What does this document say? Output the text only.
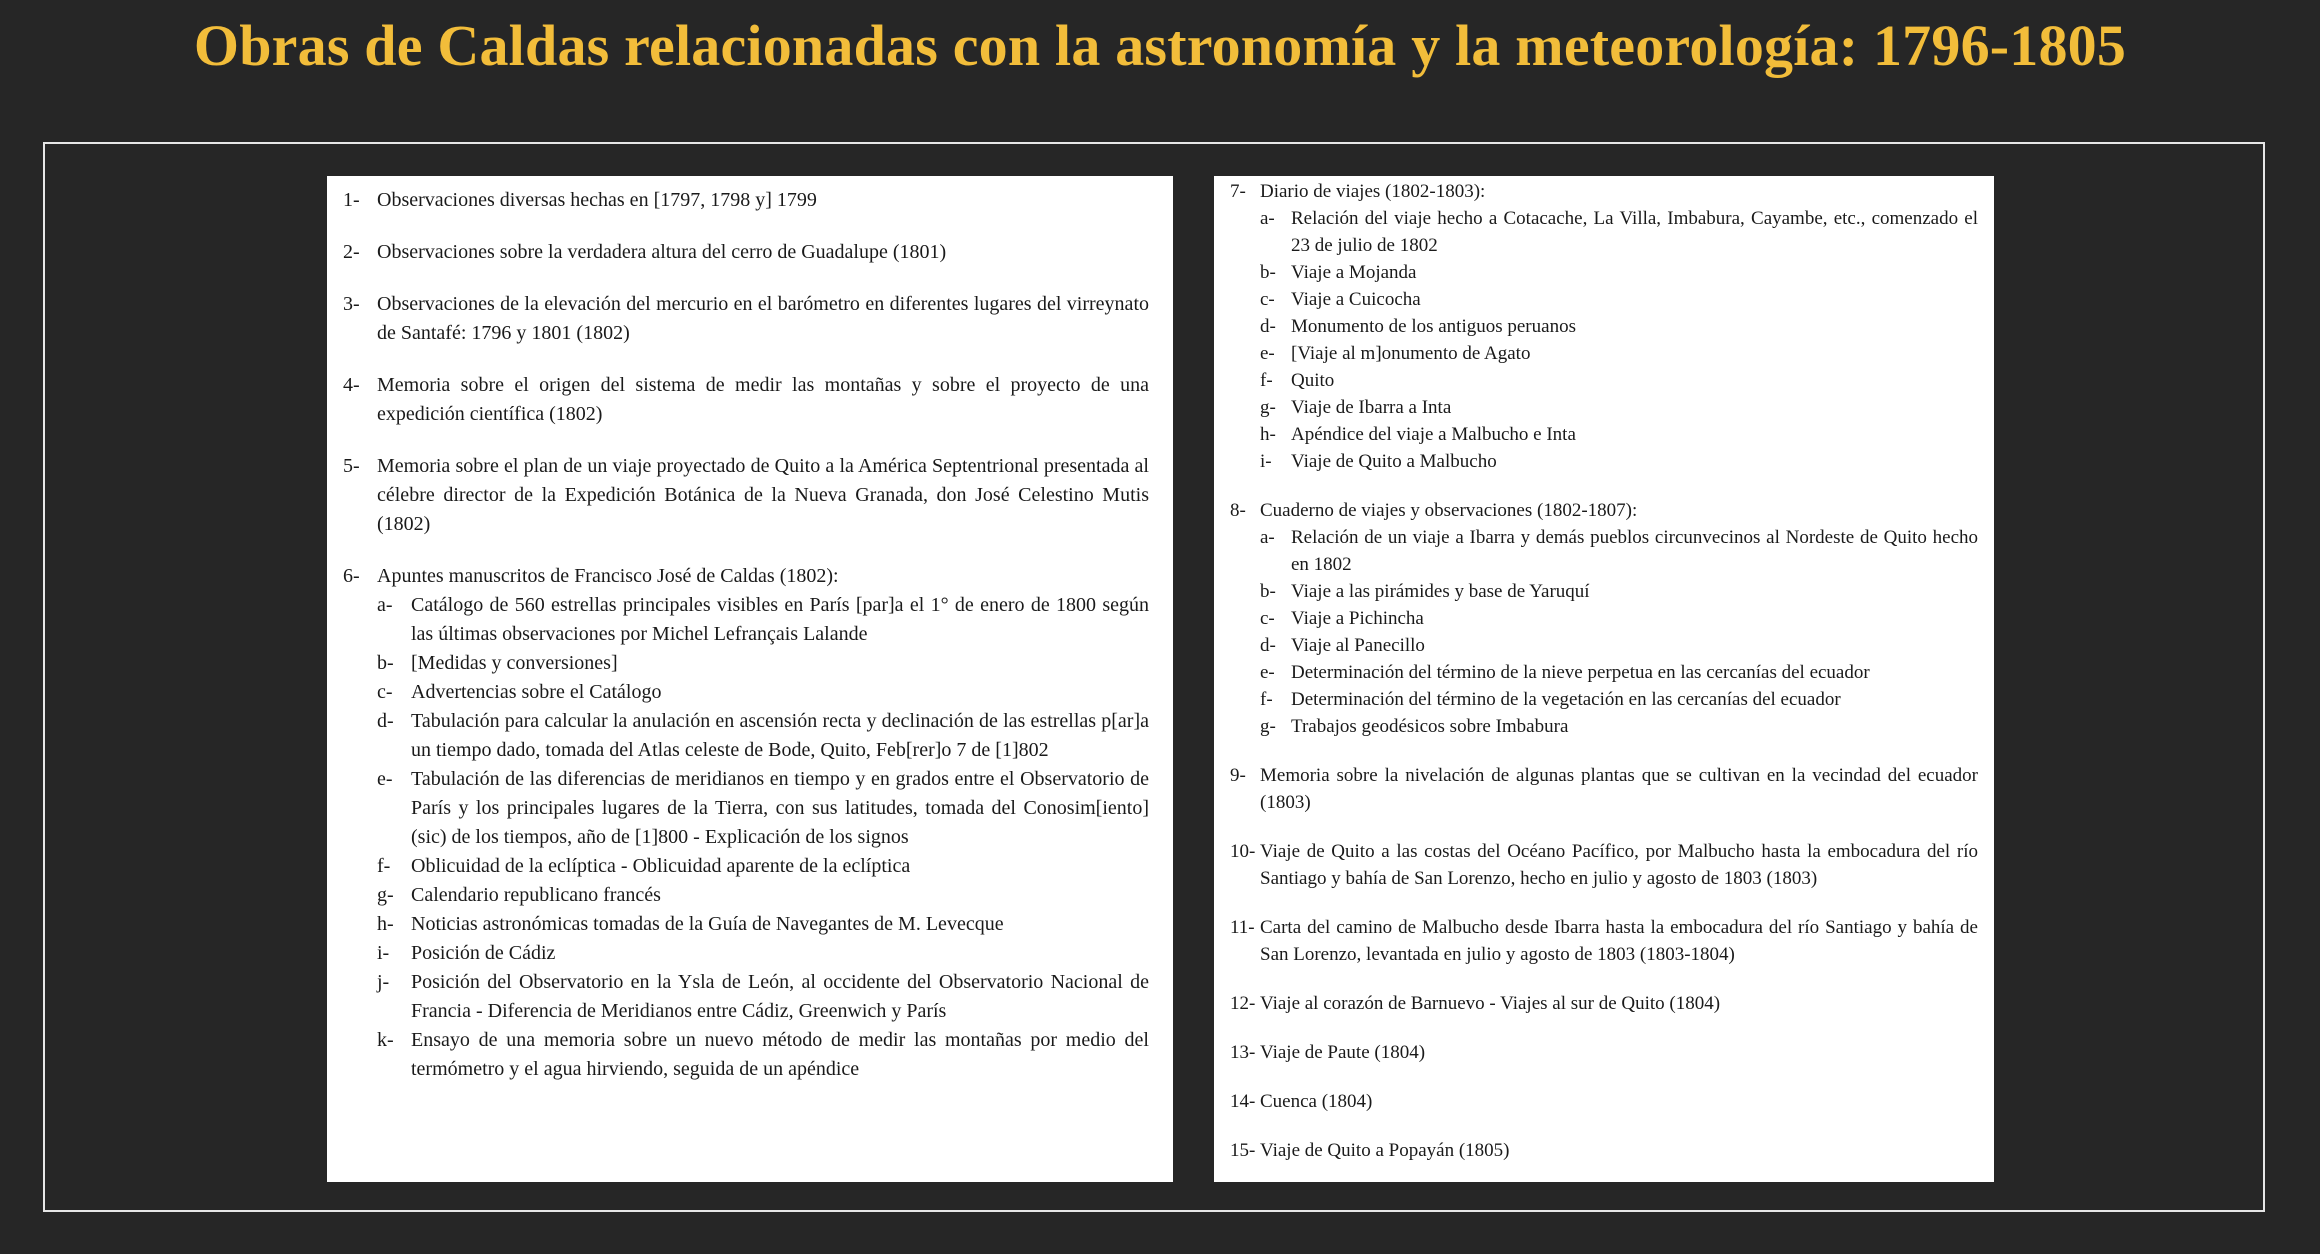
Obras de Caldas relacionadas con la astronomía y la meteorología: 1796-1805
1- Observaciones diversas hechas en [1797, 1798 y] 1799
2- Observaciones sobre la verdadera altura del cerro de Guadalupe (1801)
3- Observaciones de la elevación del mercurio en el barómetro en diferentes lugares del virreynato de Santafé: 1796 y 1801 (1802)
4- Memoria sobre el origen del sistema de medir las montañas y sobre el proyecto de una expedición científica (1802)
5- Memoria sobre el plan de un viaje proyectado de Quito a la América Septentrional presentada al célebre director de la Expedición Botánica de la Nueva Granada, don José Celestino Mutis (1802)
6- Apuntes manuscritos de Francisco José de Caldas (1802):
a- Catálogo de 560 estrellas principales visibles en París [par]a el 1° de enero de 1800 según las últimas observaciones por Michel Lefrançais Lalande
b- [Medidas y conversiones]
c- Advertencias sobre el Catálogo
d- Tabulación para calcular la anulación en ascensión recta y declinación de las estrellas p[ar]a un tiempo dado, tomada del Atlas celeste de Bode, Quito, Feb[rer]o 7 de [1]802
e- Tabulación de las diferencias de meridianos en tiempo y en grados entre el Observatorio de París y los principales lugares de la Tierra, con sus latitudes, tomada del Conosim[iento] (sic) de los tiempos, año de [1]800 - Explicación de los signos
f-	Oblicuidad de la eclíptica - Oblicuidad aparente de la eclíptica
g- Calendario republicano francés
h- Noticias astronómicas tomadas de la Guía de Navegantes de M. Levecque
i-	Posición de Cádiz
j-	Posición del Observatorio en la Ysla de León, al occidente del Observatorio Nacional de Francia - Diferencia de Meridianos entre Cádiz, Greenwich y París
k- Ensayo de una memoria sobre un nuevo método de medir las montañas por medio del termómetro y el agua hirviendo, seguida de un apéndice
7- Diario de viajes (1802-1803):
a- Relación del viaje hecho a Cotacache, La Villa, Imbabura, Cayambe, etc., comenzado el 23 de julio de 1802
b- Viaje a Mojanda
c- Viaje a Cuicocha
d- Monumento de los antiguos peruanos
e- [Viaje al m]onumento de Agato
f- Quito
g- Viaje de Ibarra a Inta
h- Apéndice del viaje a Malbucho e Inta
i-	Viaje de Quito a Malbucho
8- Cuaderno de viajes y observaciones (1802-1807):
a- Relación de un viaje a Ibarra y demás pueblos circunvecinos al Nordeste de Quito hecho en 1802
b- Viaje a las pirámides y base de Yaruquí
c- Viaje a Pichincha
d- Viaje al Panecillo
e- Determinación del término de la nieve perpetua en las cercanías del ecuador
f- Determinación del término de la vegetación en las cercanías del ecuador
g- Trabajos geodésicos sobre Imbabura
9- Memoria sobre la nivelación de algunas plantas que se cultivan en la vecindad del ecuador (1803)
10- Viaje de Quito a las costas del Océano Pacífico, por Malbucho hasta la embocadura del río Santiago y bahía de San Lorenzo, hecho en julio y agosto de 1803 (1803)
11- Carta del camino de Malbucho desde Ibarra hasta la embocadura del río Santiago y bahía de San Lorenzo, levantada en julio y agosto de 1803 (1803-1804)
12- Viaje al corazón de Barnuevo - Viajes al sur de Quito (1804)
13- Viaje de Paute (1804)
14- Cuenca (1804)
15- Viaje de Quito a Popayán (1805)
